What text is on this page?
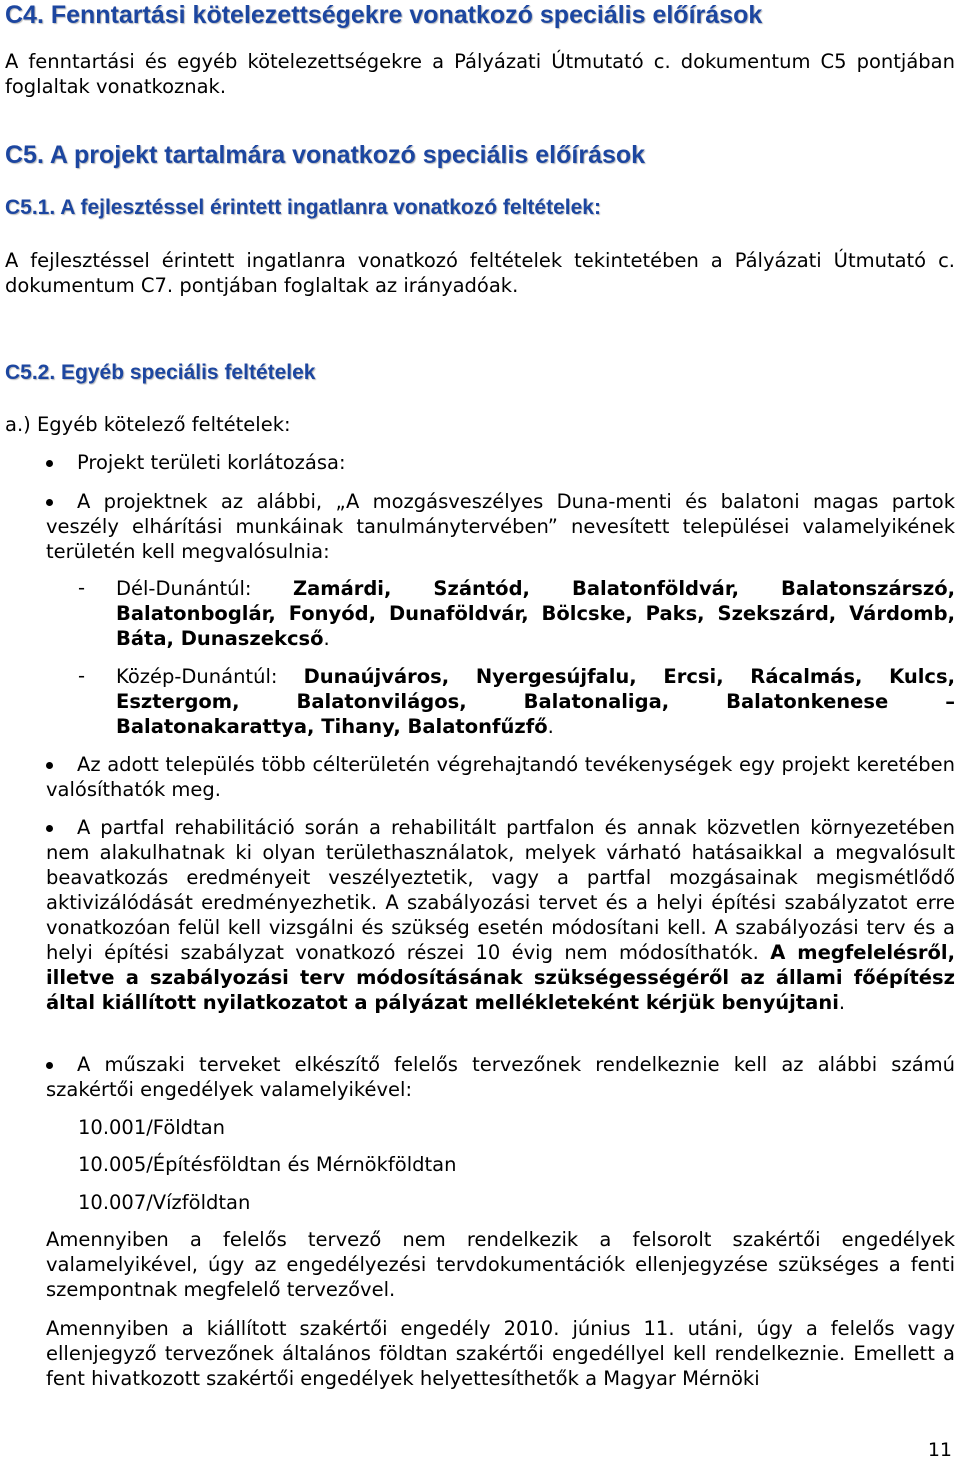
C4. Fenntartási kötelezettségekre vonatkozó speciális előírások

A fenntartási és egyéb kötelezettségekre a Pályázati Útmutató c. dokumentum C5 pontjában foglaltak vonatkoznak.

C5. A projekt tartalmára vonatkozó speciális előírások
C5.1. A fejlesztéssel érintett ingatlanra vonatkozó feltételek:

A fejlesztéssel érintett ingatlanra vonatkozó feltételek tekintetében a Pályázati Útmutató c. dokumentum C7. pontjában foglaltak az irányadóak.

C5.2. Egyéb speciális feltételek

a.) Egyéb kötelező feltételek:

Projekt területi korlátozása:

A projektnek az alábbi, „A mozgásveszélyes Duna-menti és balatoni magas partok veszély elhárítási munkáinak tanulmánytervében” nevesített települései valamelyikének területén kell megvalósulnia:

- Dél-Dunántúl: Zamárdi, Szántód, Balatonföldvár, Balatonszárszó, Balatonboglár, Fonyód, Dunaföldvár, Bölcske, Paks, Szekszárd, Várdomb, Báta, Dunaszekcső.

- Közép-Dunántúl: Dunaújváros, Nyergesújfalu, Ercsi, Rácalmás, Kulcs, Esztergom, Balatonvilágos, Balatonaliga, Balatonkenese – Balatonakarattya, Tihany, Balatonfűzfő.

Az adott település több célterületén végrehajtandó tevékenységek egy projekt keretében valósíthatók meg.

A partfal rehabilitáció során a rehabilitált partfalon és annak közvetlen környezetében nem alakulhatnak ki olyan területhasználatok, melyek várható hatásaikkal a megvalósult beavatkozás eredményeit veszélyeztetik, vagy a partfal mozgásainak megismétlődő aktivizálódását eredményezhetik. A szabályozási tervet és a helyi építési szabályzatot erre vonatkozóan felül kell vizsgálni és szükség esetén módosítani kell. A szabályozási terv és a helyi építési szabályzat vonatkozó részei 10 évig nem módosíthatók. A megfelelésről, illetve a szabályozási terv módosításának szükségességéről az állami főépítész által kiállított nyilatkozatot a pályázat mellékleteként kérjük benyújtani.

A műszaki terveket elkészítő felelős tervezőnek rendelkeznie kell az alábbi számú szakértői engedélyek valamelyikével:

10.001/Földtan

10.005/Építésföldtan és Mérnökföldtan

10.007/Vízföldtan

Amennyiben a felelős tervező nem rendelkezik a felsorolt szakértői engedélyek valamelyikével, úgy az engedélyezési tervdokumentációk ellenjegyzése szükséges a fenti szempontnak megfelelő tervezővel.

Amennyiben a kiállított szakértői engedély 2010. június 11. utáni, úgy a felelős vagy ellenjegyző tervezőnek általános földtan szakértői engedéllyel kell rendelkeznie. Emellett a fent hivatkozott szakértői engedélyek helyettesíthetők a Magyar Mérnöki

11
